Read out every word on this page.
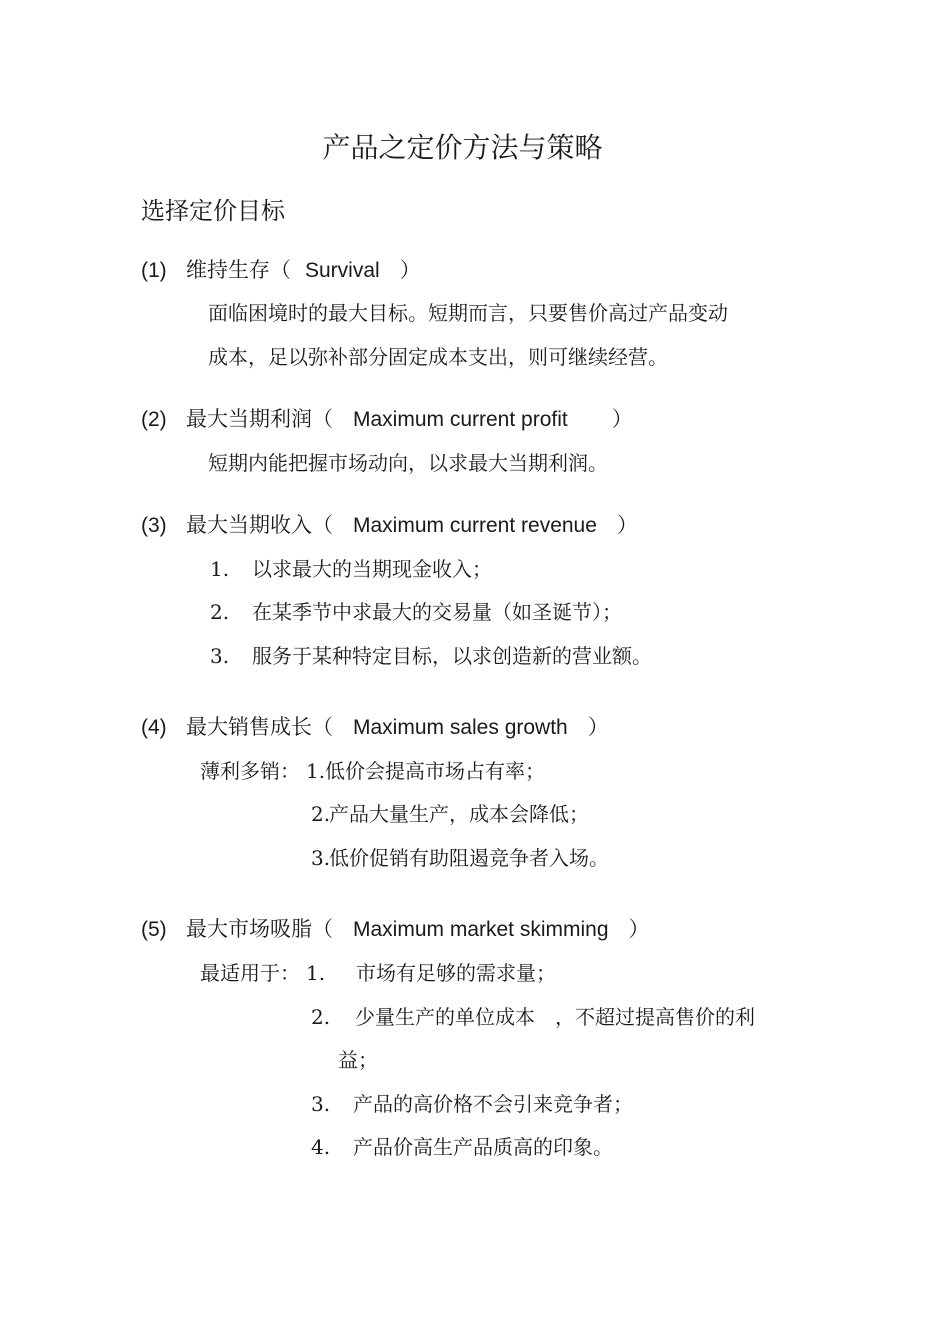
产品之定价方法与策略
选择定价目标
(1) 维持生存（ Survival ）
面临困境时的最大目标。短期而言，只要售价高过产品变动
成本，足以弥补部分固定成本支出，则可继续经营。
(2) 最大当期利润（ Maximum current profit ）
短期内能把握市场动向，以求最大当期利润。
(3) 最大当期收入（ Maximum current revenue ）
1. 以求最大的当期现金收入；
2. 在某季节中求最大的交易量（如圣诞节）；
3. 服务于某种特定目标，以求创造新的营业额。
(4) 最大销售成长（ Maximum sales growth ）
薄利多销： 1. 低价会提高市场占有率；
2.
产品大量生产，成本会降低；
3.
低价促销有助阻遏竞争者入场。
(5) 最大市场吸脂（ Maximum market skimming ）
最适用于： 1. 市场有足够的需求量；
2. 少量生产的单位成本　，不超过提高售价的利
益；
3. 产品的高价格不会引来竞争者；
4. 产品价高生产品质高的印象。
